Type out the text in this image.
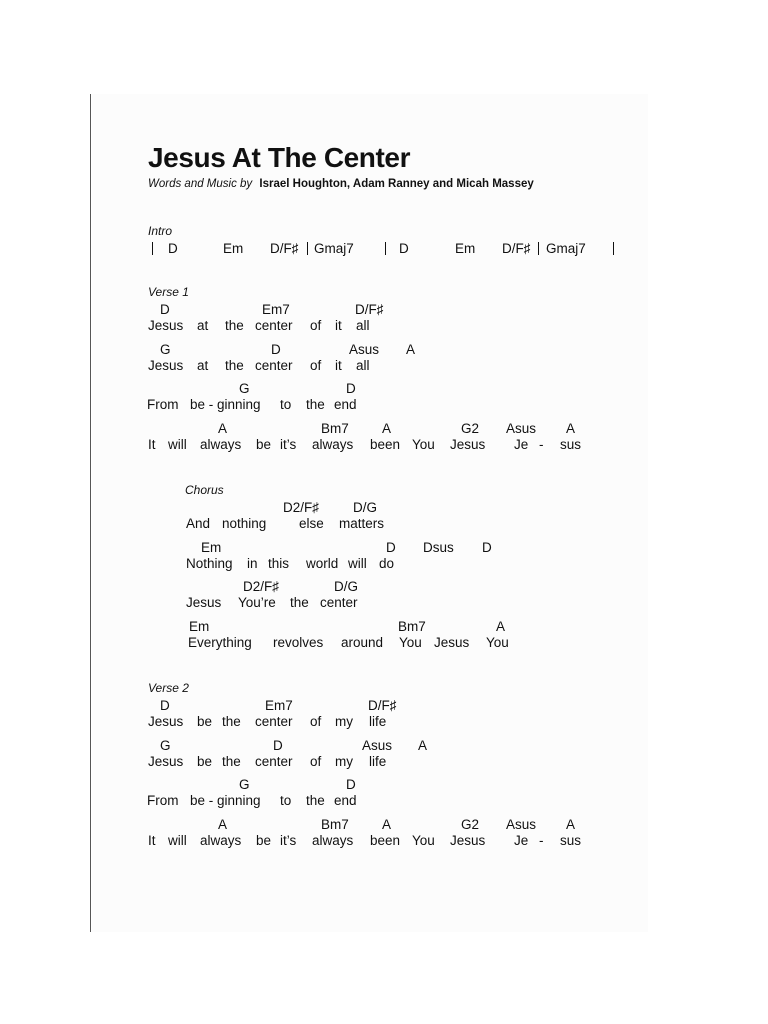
Jesus At The Center
Words and Music by Israel Houghton, Adam Ranney and Micah Massey
Intro
D	Em D/F♯ Gmaj7	D	Em D/F♯ Gmaj7
Verse 1
D	Em7	D/F♯
Jesus at the center of it all
G	D	Asus A
Jesus at the center of it all
G	D
From be - ginning to the end
A	Bm7 A	G2 Asus A
It will always be it’s always been You Jesus Je - sus
Chorus
D2/F♯	D/G
And nothing else matters
Em	D Dsus D
Nothing in this world will do
D2/F♯	D/G
Jesus You’re the center
Em	Bm7	A
Everything revolves around You Jesus You
Verse 2
D	Em7	D/F♯
Jesus be the center of my life
G	D	Asus A
Jesus be the center of my life
G	D
From be - ginning to the end
A	Bm7 A	G2 Asus A
It will always be it’s always been You Jesus Je - sus
